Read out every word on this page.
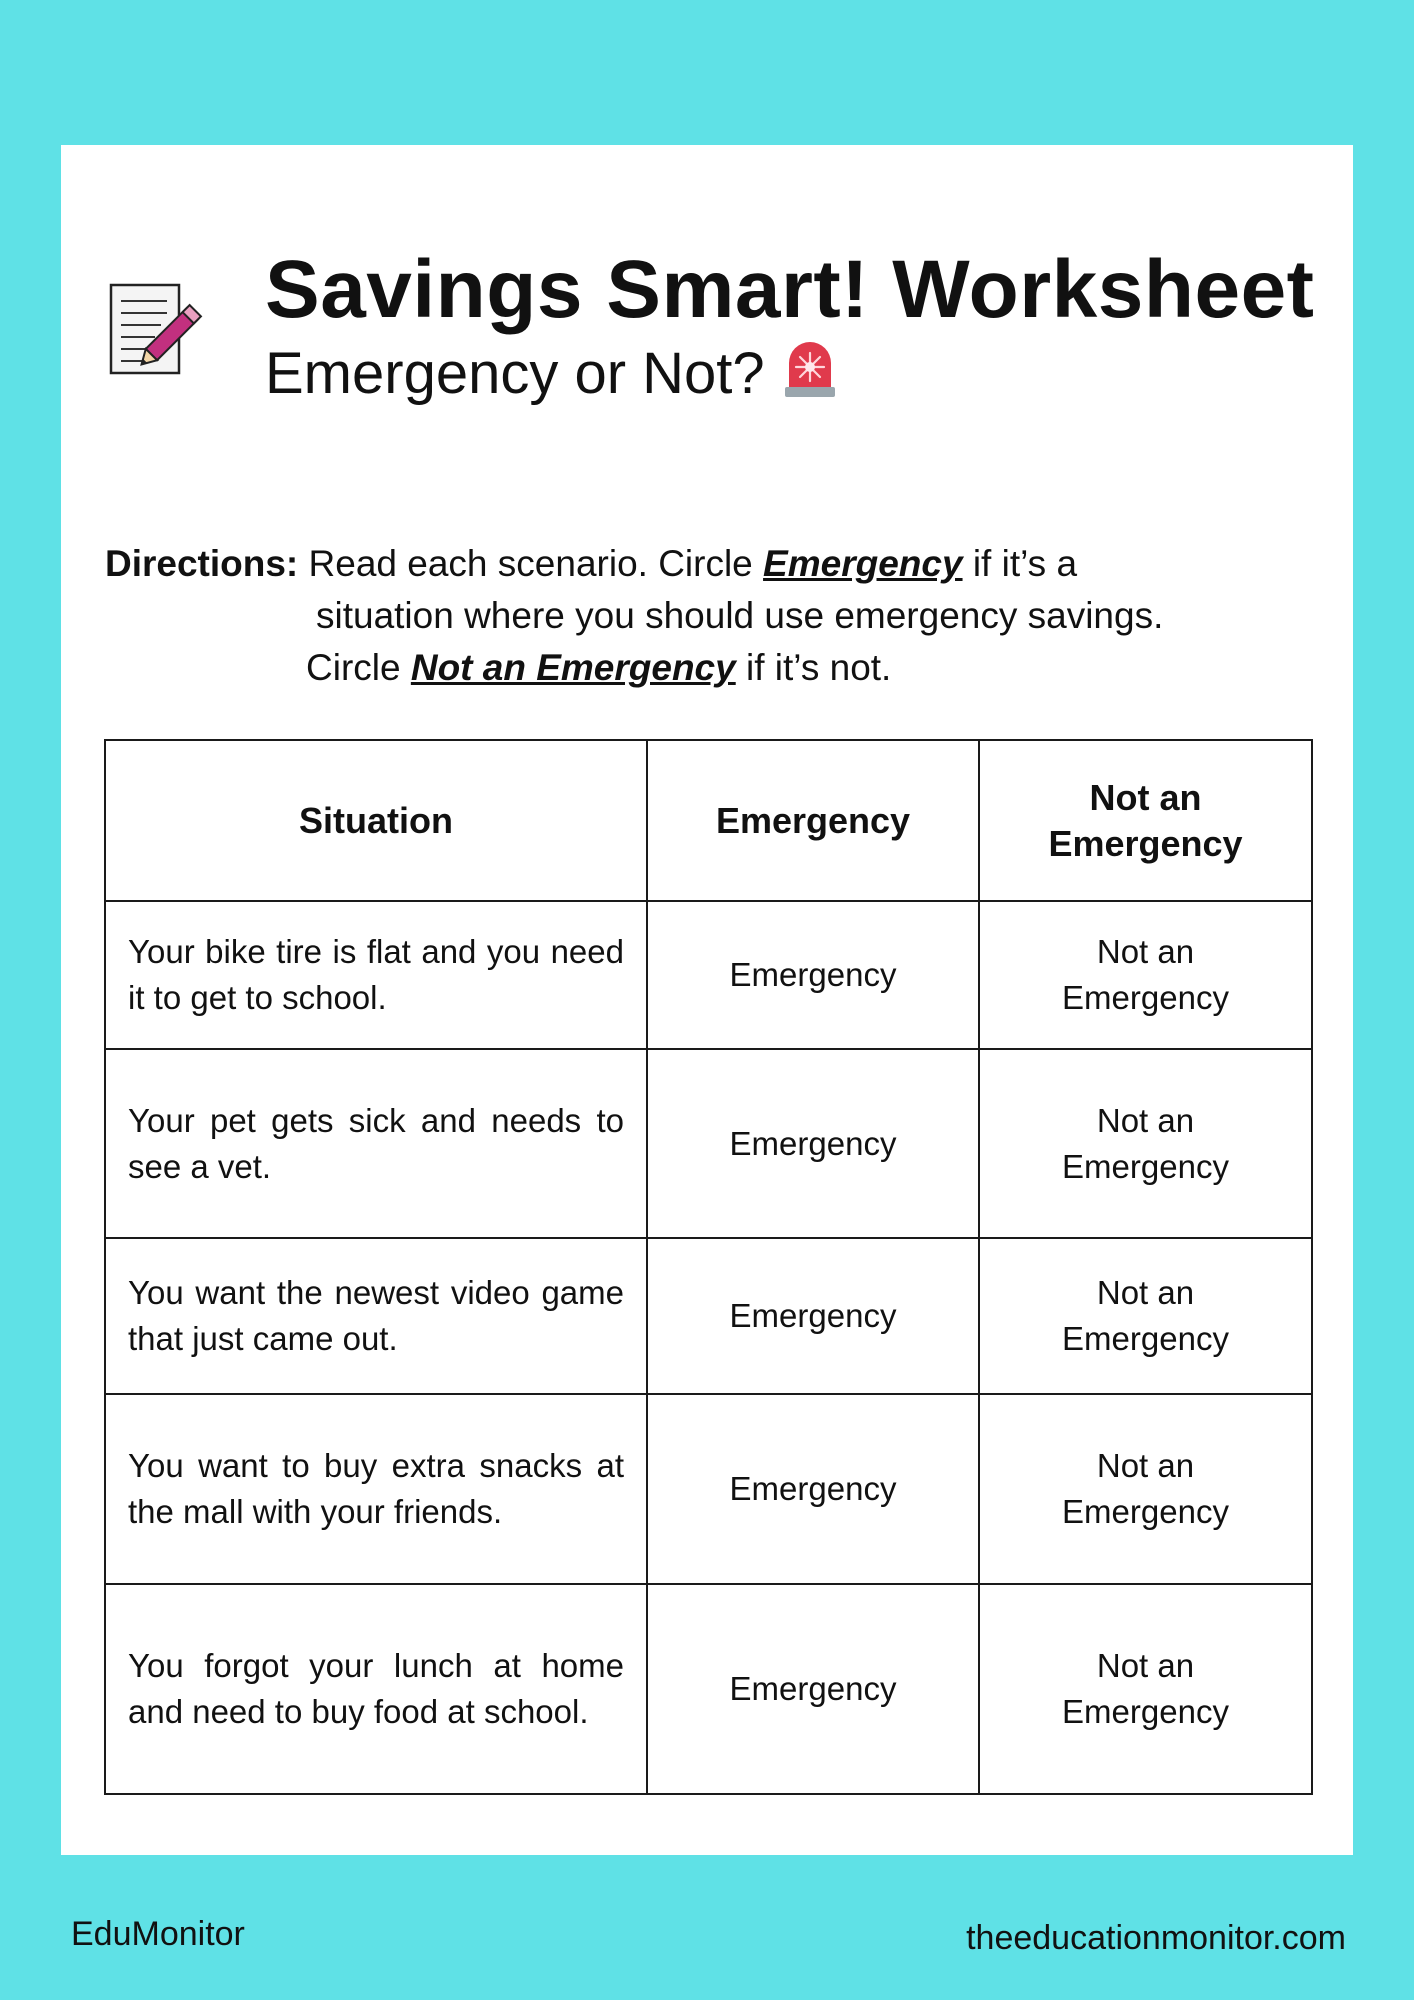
Savings Smart! Worksheet
Emergency or Not?
Directions: Read each scenario. Circle Emergency if it’s a
situation where you should use emergency savings.
Circle Not an Emergency if it’s not.
Situation	Emergency	Not an Emergency
Your bike tire is flat and you need it to get to school.	Emergency	Not an Emergency
Your pet gets sick and needs to see a vet.	Emergency	Not an Emergency
You want the newest video game that just came out.	Emergency	Not an Emergency
You want to buy extra snacks at the mall with your friends.	Emergency	Not an Emergency
You forgot your lunch at home and need to buy food at school.	Emergency	Not an Emergency
EduMonitor	theeducationmonitor.com
